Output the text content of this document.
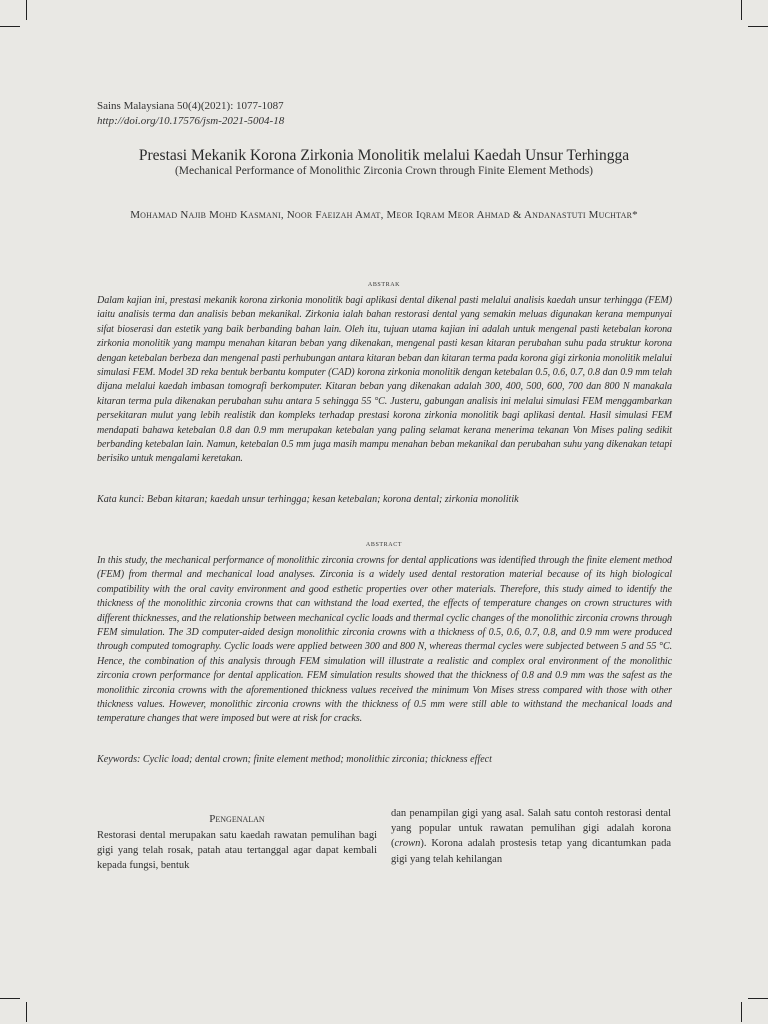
Sains Malaysiana 50(4)(2021): 1077-1087
http://doi.org/10.17576/jsm-2021-5004-18
Prestasi Mekanik Korona Zirkonia Monolitik melalui Kaedah Unsur Terhingga
(Mechanical Performance of Monolithic Zirconia Crown through Finite Element Methods)
Mohamad Najib Mohd Kasmani, Noor Faeizah Amat, Meor Iqram Meor Ahmad & Andanastuti Muchtar*
abstrak
Dalam kajian ini, prestasi mekanik korona zirkonia monolitik bagi aplikasi dental dikenal pasti melalui analisis kaedah unsur terhingga (FEM) iaitu analisis terma dan analisis beban mekanikal. Zirkonia ialah bahan restorasi dental yang semakin meluas digunakan kerana mempunyai sifat bioserasi dan estetik yang baik berbanding bahan lain. Oleh itu, tujuan utama kajian ini adalah untuk mengenal pasti ketebalan korona zirkonia monolitik yang mampu menahan kitaran beban yang dikenakan, mengenal pasti kesan kitaran perubahan suhu pada struktur korona dengan ketebalan berbeza dan mengenal pasti perhubungan antara kitaran beban dan kitaran terma pada korona gigi zirkonia monolitik melalui simulasi FEM. Model 3D reka bentuk berbantu komputer (CAD) korona zirkonia monolitik dengan ketebalan 0.5, 0.6, 0.7, 0.8 dan 0.9 mm telah dijana melalui kaedah imbasan tomografi berkomputer. Kitaran beban yang dikenakan adalah 300, 400, 500, 600, 700 dan 800 N manakala kitaran terma pula dikenakan perubahan suhu antara 5 sehingga 55 °C. Justeru, gabungan analisis ini melalui simulasi FEM menggambarkan persekitaran mulut yang lebih realistik dan kompleks terhadap prestasi korona zirkonia monolitik bagi aplikasi dental. Hasil simulasi FEM mendapati bahawa ketebalan 0.8 dan 0.9 mm merupakan ketebalan yang paling selamat kerana menerima tekanan Von Mises paling sedikit berbanding ketebalan lain. Namun, ketebalan 0.5 mm juga masih mampu menahan beban mekanikal dan perubahan suhu yang dikenakan tetapi berisiko untuk mengalami keretakan.
Kata kunci: Beban kitaran; kaedah unsur terhingga; kesan ketebalan; korona dental; zirkonia monolitik
abstract
In this study, the mechanical performance of monolithic zirconia crowns for dental applications was identified through the finite element method (FEM) from thermal and mechanical load analyses. Zirconia is a widely used dental restoration material because of its high biological compatibility with the oral cavity environment and good esthetic properties over other materials. Therefore, this study aimed to identify the thickness of the monolithic zirconia crowns that can withstand the load exerted, the effects of temperature changes on crown structures with different thicknesses, and the relationship between mechanical cyclic loads and thermal cyclic changes of the monolithic zirconia crowns through FEM simulation. The 3D computer-aided design monolithic zirconia crowns with a thickness of 0.5, 0.6, 0.7, 0.8, and 0.9 mm were produced through computed tomography. Cyclic loads were applied between 300 and 800 N, whereas thermal cycles were subjected between 5 and 55 °C. Hence, the combination of this analysis through FEM simulation will illustrate a realistic and complex oral environment of the monolithic zirconia crown performance for dental application. FEM simulation results showed that the thickness of 0.8 and 0.9 mm was the safest as the monolithic zirconia crowns with the aforementioned thickness values received the minimum Von Mises stress compared with those with other thickness values. However, monolithic zirconia crowns with the thickness of 0.5 mm were still able to withstand the mechanical loads and temperature changes that were imposed but were at risk for cracks.
Keywords: Cyclic load; dental crown; finite element method; monolithic zirconia; thickness effect
Pengenalan
Restorasi dental merupakan satu kaedah rawatan pemulihan bagi gigi yang telah rosak, patah atau tertanggal agar dapat kembali kepada fungsi, bentuk
dan penampilan gigi yang asal. Salah satu contoh restorasi dental yang popular untuk rawatan pemulihan gigi adalah korona (crown). Korona adalah prostesis tetap yang dicantumkan pada gigi yang telah kehilangan
